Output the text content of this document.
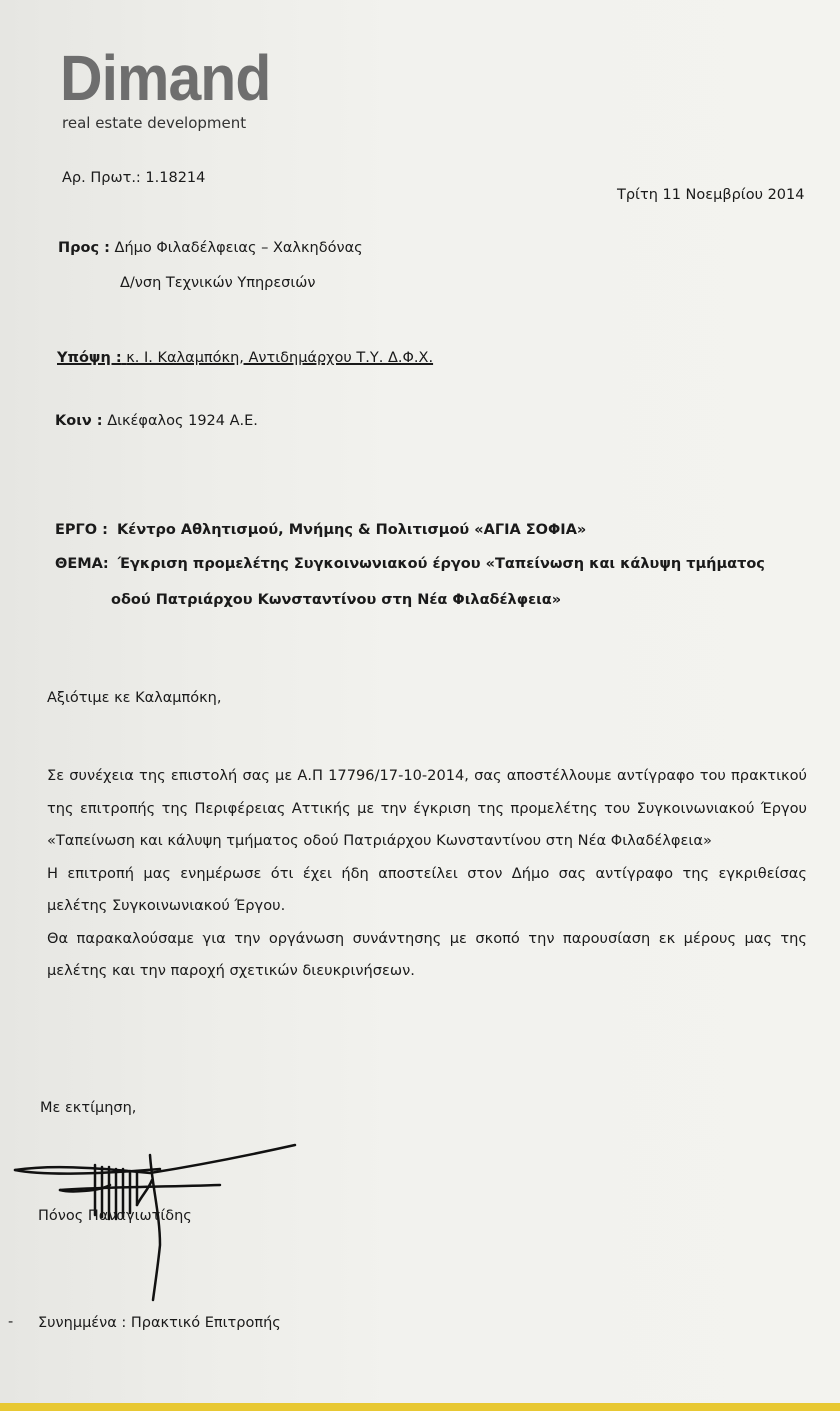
Dimand
real estate development
Αρ. Πρωτ.: 1.18214
Τρίτη 11 Νοεμβρίου 2014
Προς : Δήμο Φιλαδέλφειας – Χαλκηδόνας
Δ/νση Τεχνικών Υπηρεσιών
Υπόψη : κ. Ι. Καλαμπόκη, Αντιδημάρχου Τ.Υ. Δ.Φ.Χ.
Κοιν : Δικέφαλος 1924 Α.Ε.
ΕΡΓΟ : Κέντρο Αθλητισμού, Μνήμης & Πολιτισμού «ΑΓΙΑ ΣΟΦΙΑ»
ΘΕΜΑ: Έγκριση προμελέτης Συγκοινωνιακού έργου «Ταπείνωση και κάλυψη τμήματος
οδού Πατριάρχου Κωνσταντίνου στη Νέα Φιλαδέλφεια»
Αξιότιμε κε Καλαμπόκη,

Σε συνέχεια της επιστολή σας με Α.Π 17796/17-10-2014, σας αποστέλλουμε αντίγραφο του πρακτικού της επιτροπής της Περιφέρειας Αττικής με την έγκριση της προμελέτης του Συγκοινωνιακού Έργου «Ταπείνωση και κάλυψη τμήματος οδού Πατριάρχου Κωνσταντίνου στη Νέα Φιλαδέλφεια»

Η επιτροπή μας ενημέρωσε ότι έχει ήδη αποστείλει στον Δήμο σας αντίγραφο της εγκριθείσας μελέτης Συγκοινωνιακού Έργου.

Θα παρακαλούσαμε για την οργάνωση συνάντησης με σκοπό την παρουσίαση εκ μέρους μας της μελέτης και την παροχή σχετικών διευκρινήσεων.

Με εκτίμηση,
Πόνος Παναγιωτίδης
- Συνημμένα : Πρακτικό Επιτροπής
